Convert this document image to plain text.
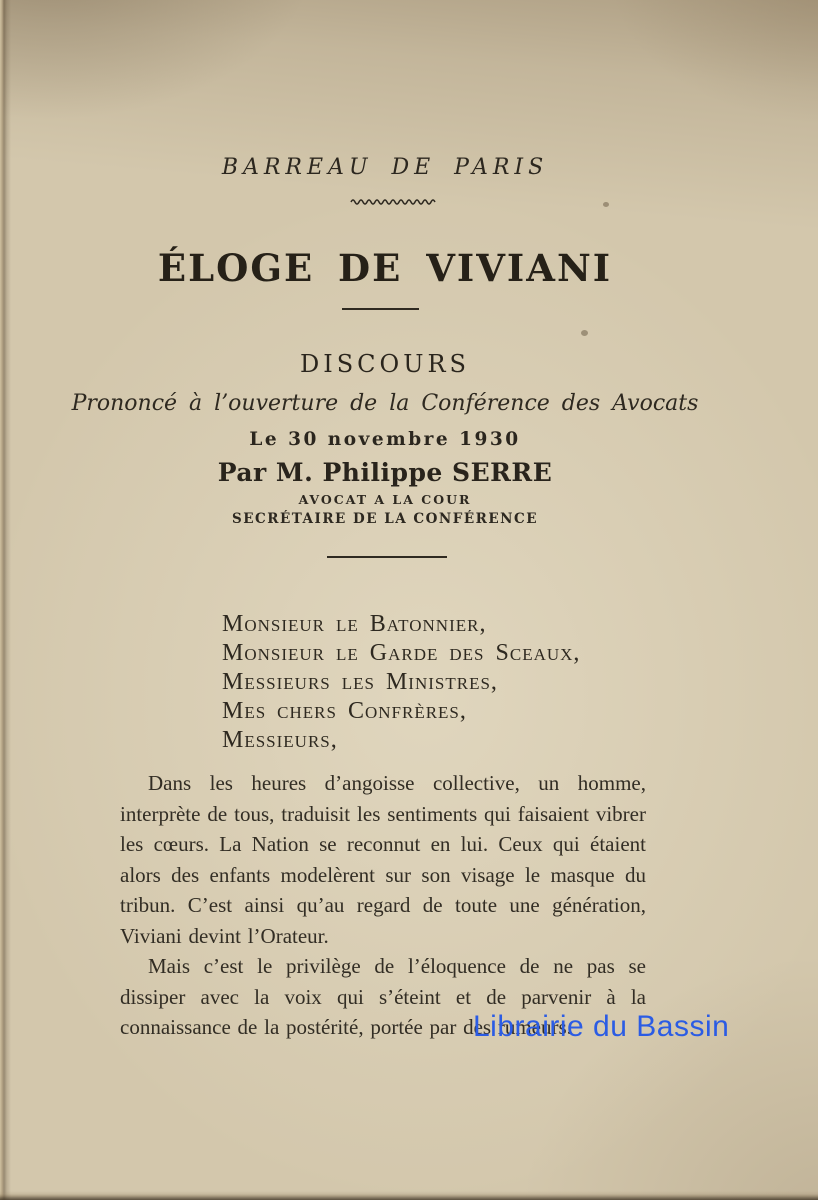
BARREAU DE PARIS
ÉLOGE DE VIVIANI
DISCOURS
Prononcé à l’ouverture de la Conférence des Avocats
Le 30 novembre 1930
Par M. Philippe SERRE
AVOCAT A LA COUR
SECRÉTAIRE DE LA CONFÉRENCE
Monsieur le Batonnier,
Monsieur le Garde des Sceaux,
Messieurs les Ministres,
Mes chers Confrères,
Messieurs,

Dans les heures d’angoisse collective, un homme, interprète de tous, traduisit les sentiments qui faisaient vibrer les cœurs. La Nation se reconnut en lui. Ceux qui étaient alors des enfants modelèrent sur son visage le masque du tribun. C’est ainsi qu’au regard de toute une génération, Viviani devint l’Orateur.

Mais c’est le privilège de l’éloquence de ne pas se dissiper avec la voix qui s’éteint et de parvenir à la connaissance de la postérité, portée par des rumeurs.

Librairie du Bassin
